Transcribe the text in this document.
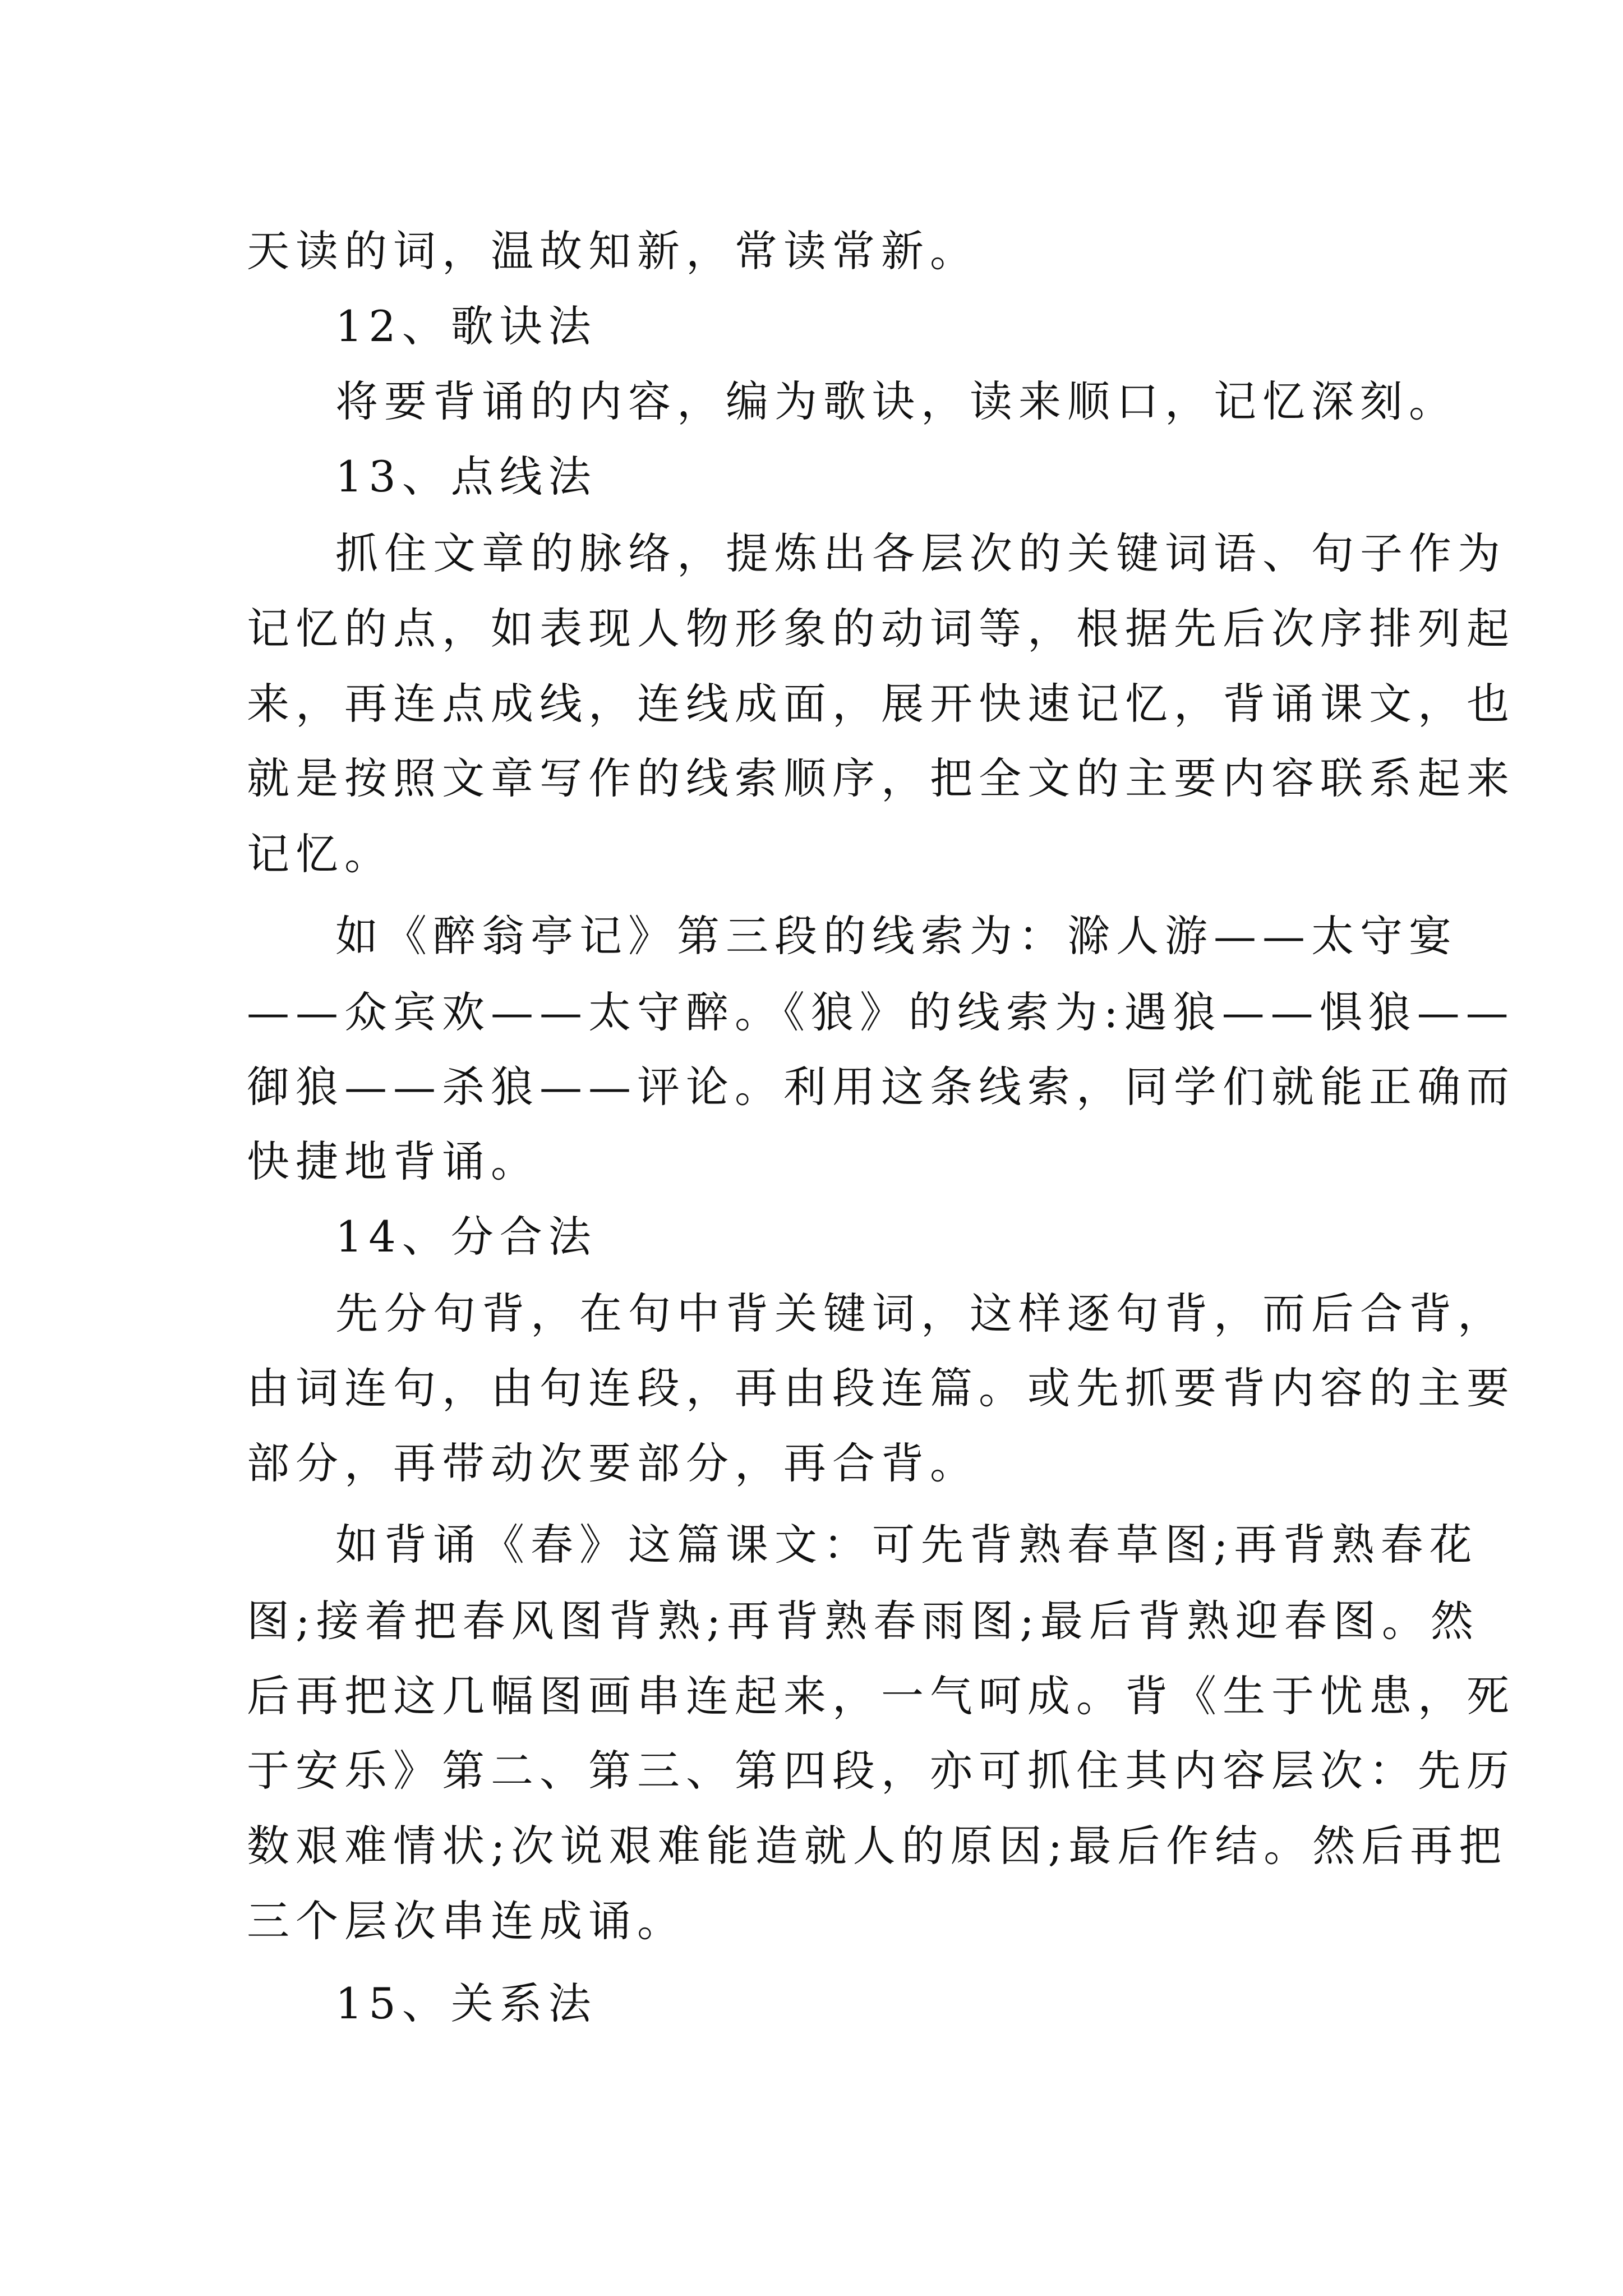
天读的词，温故知新，常读常新。

12、歌诀法

将要背诵的内容，编为歌诀，读来顺口，记忆深刻。

13、点线法

抓住文章的脉络，提炼出各层次的关键词语、句子作为

记忆的点，如表现人物形象的动词等，根据先后次序排列起

来，再连点成线，连线成面，展开快速记忆，背诵课文，也

就是按照文章写作的线索顺序，把全文的主要内容联系起来

记忆。

如《醉翁亭记》第三段的线索为：滁人游——太守宴

——众宾欢——太守醉。《狼》的线索为:遇狼——惧狼——

御狼——杀狼——评论。利用这条线索，同学们就能正确而

快捷地背诵。

14、分合法

先分句背，在句中背关键词，这样逐句背，而后合背，

由词连句，由句连段，再由段连篇。或先抓要背内容的主要

部分，再带动次要部分，再合背。

如背诵《春》这篇课文：可先背熟春草图;再背熟春花

图;接着把春风图背熟;再背熟春雨图;最后背熟迎春图。然

后再把这几幅图画串连起来，一气呵成。背《生于忧患，死

于安乐》第二、第三、第四段，亦可抓住其内容层次：先历

数艰难情状;次说艰难能造就人的原因;最后作结。然后再把

三个层次串连成诵。

15、关系法
